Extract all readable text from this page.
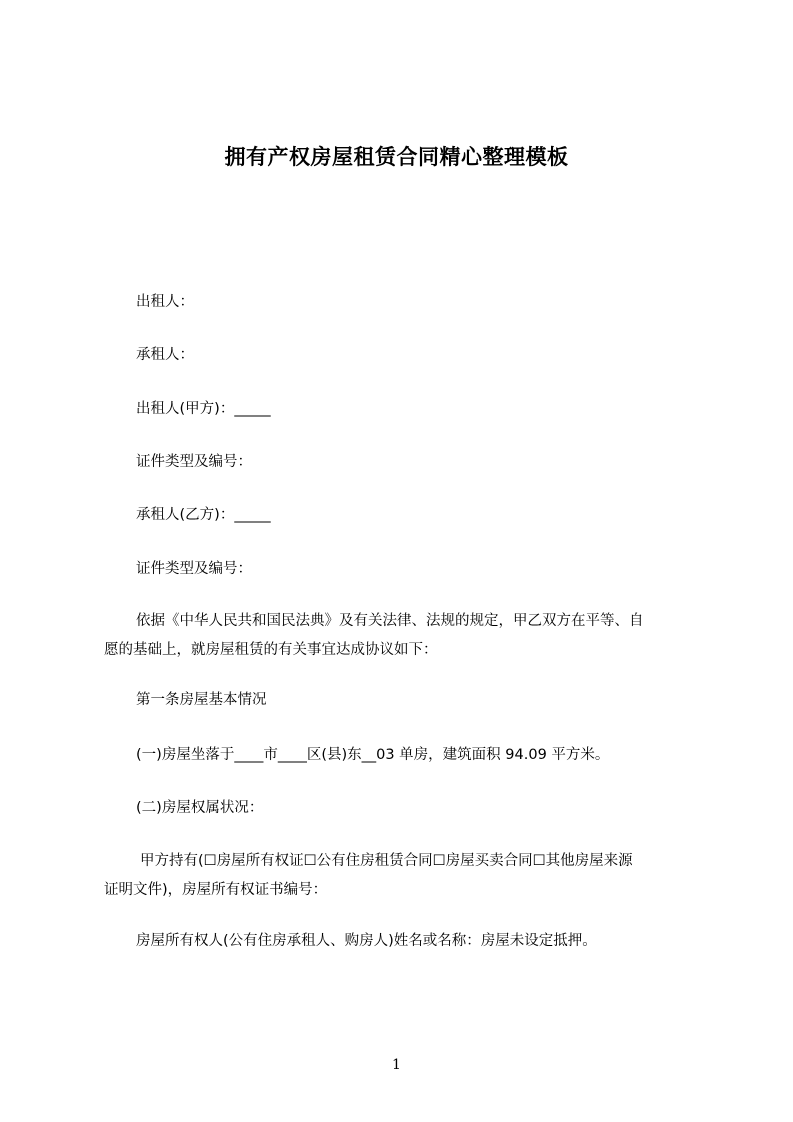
拥有产权房屋租赁合同精心整理模板
出租人：
承租人：
出租人(甲方)：_____
证件类型及编号：
承租人(乙方)：_____
证件类型及编号：
依据《中华人民共和国民法典》及有关法律、法规的规定，甲乙双方在平等、自
愿的基础上，就房屋租赁的有关事宜达成协议如下：
第一条房屋基本情况
(一)房屋坐落于____市____区(县)东__03 单房，建筑面积 94.09 平方米。
(二)房屋权属状况：
甲方持有(☐房屋所有权证☐公有住房租赁合同☐房屋买卖合同☐其他房屋来源
证明文件)，房屋所有权证书编号：
房屋所有权人(公有住房承租人、购房人)姓名或名称：房屋未设定抵押。
1
